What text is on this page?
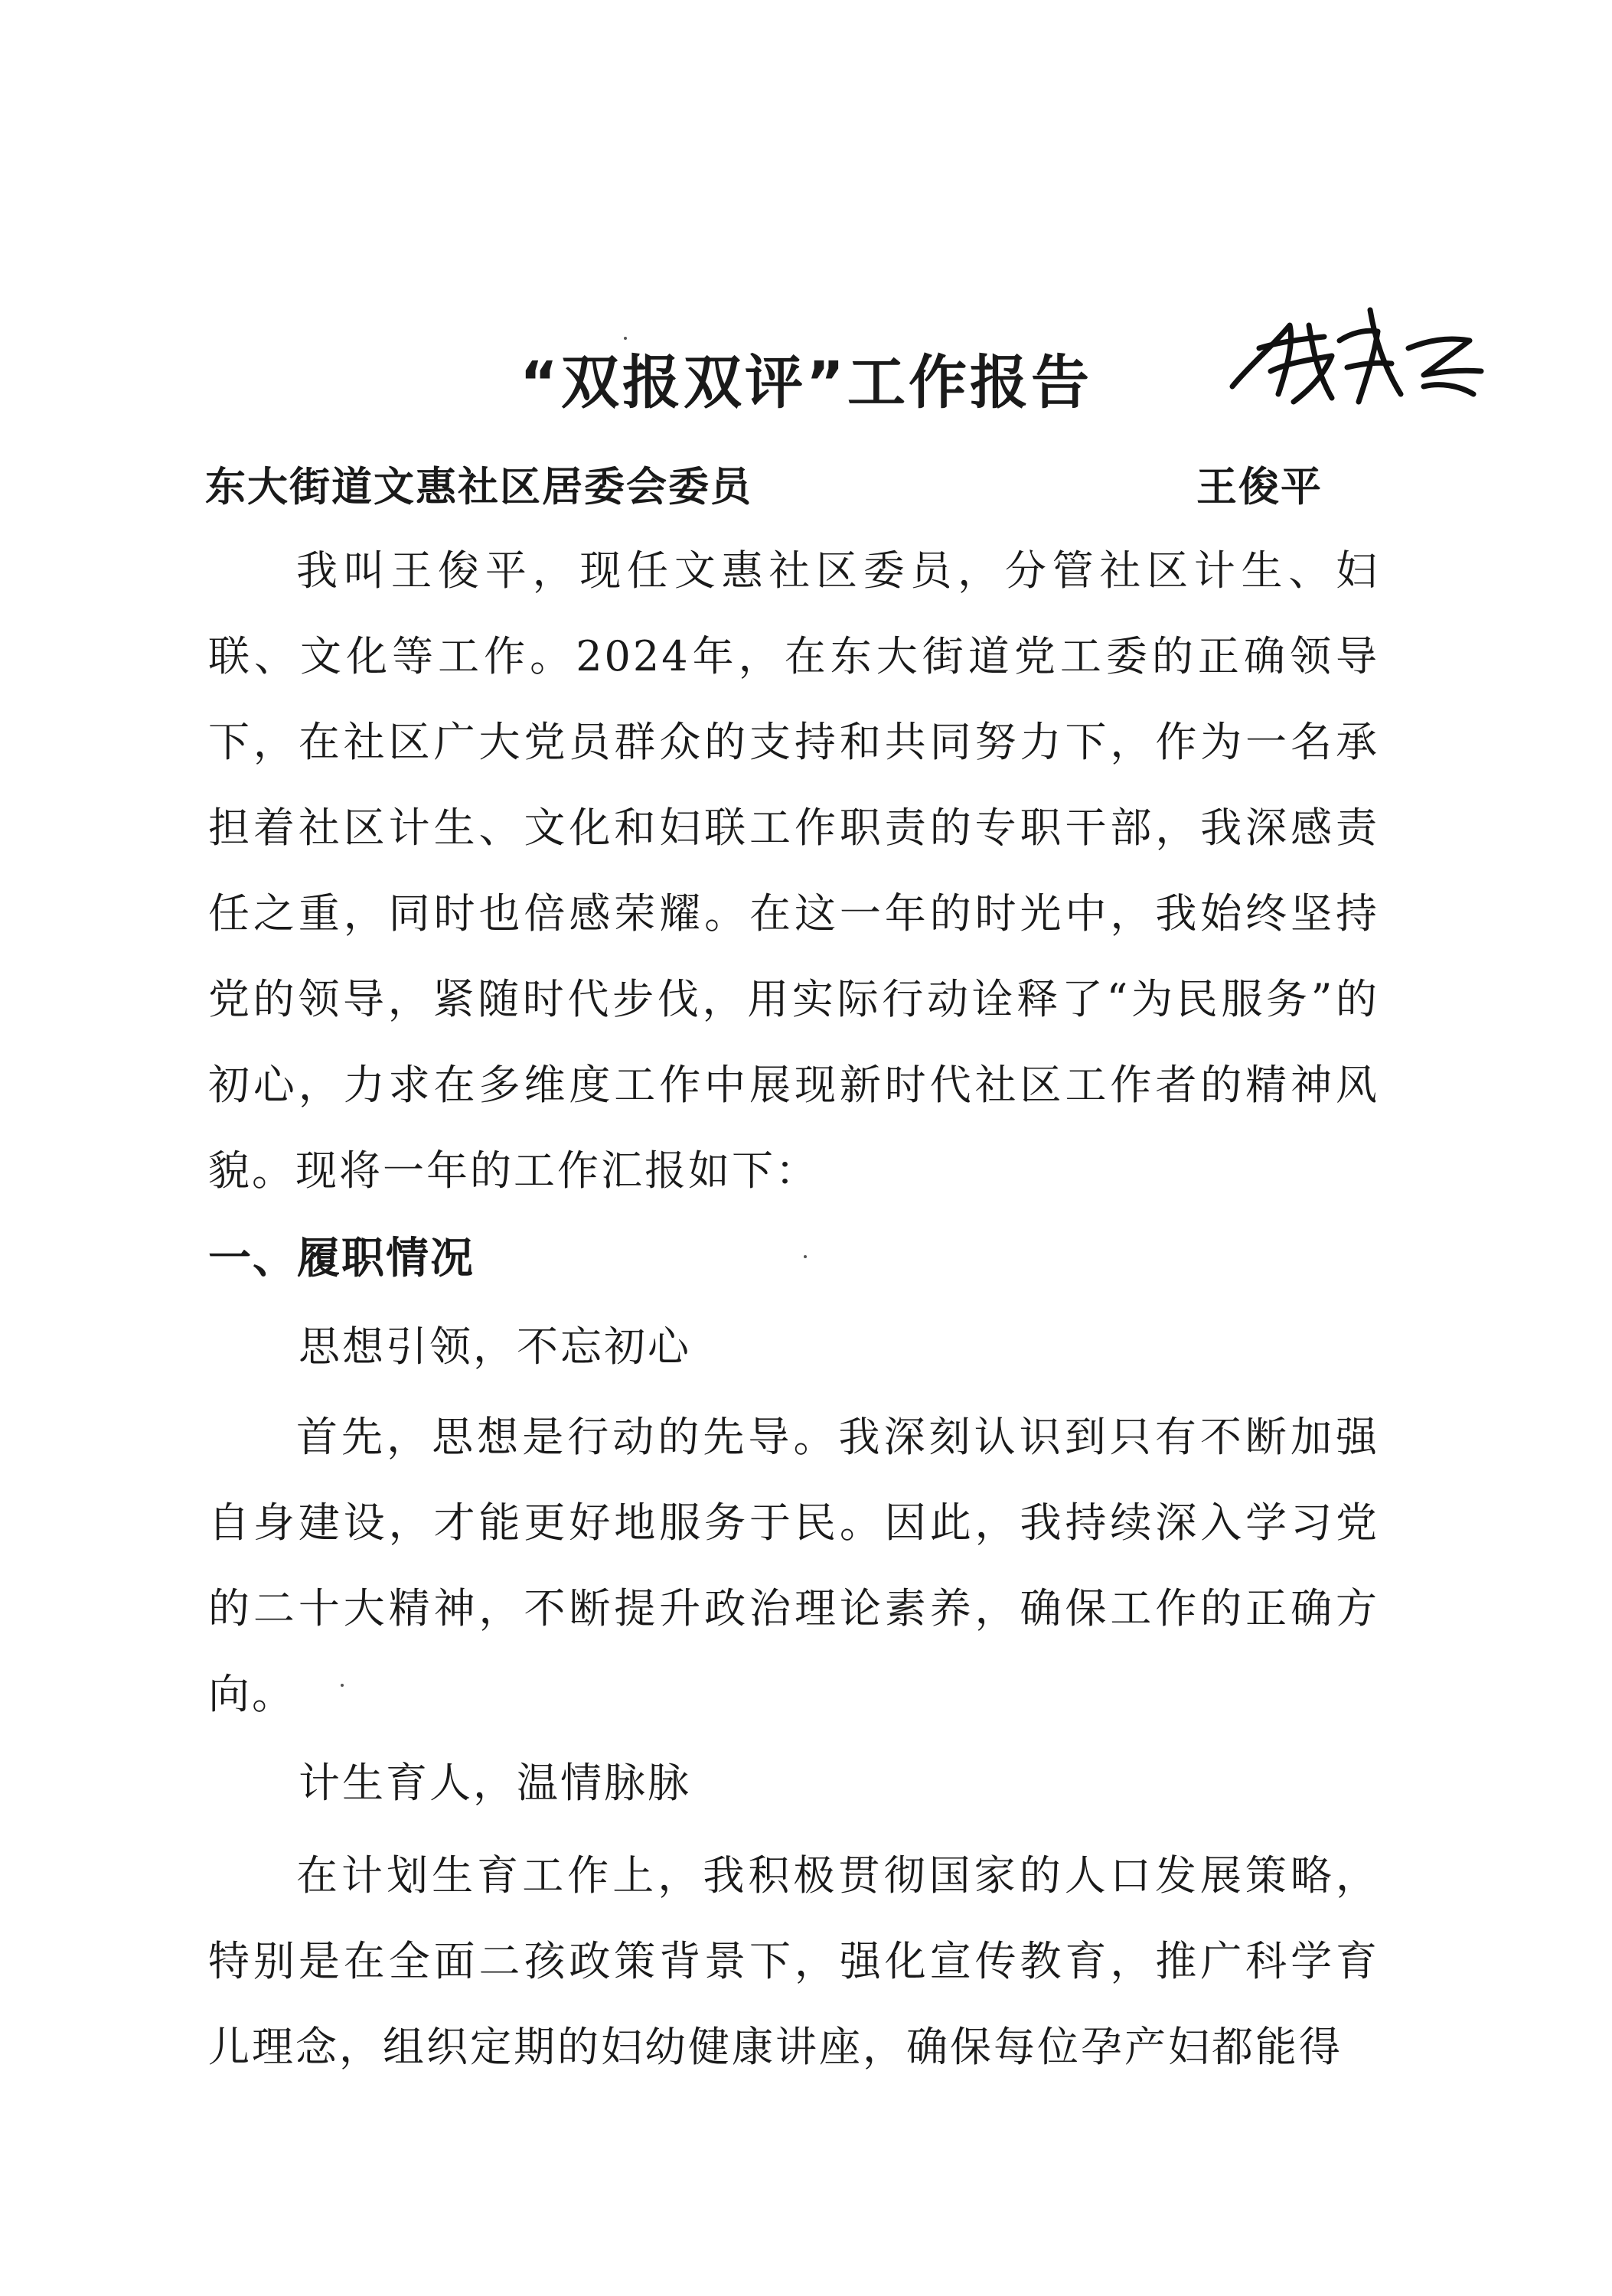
“双报双评”工作报告
东大街道文惠社区居委会委员	王俊平

我叫王俊平，现任文惠社区委员，分管社区计生、妇联、文化等工作。2024年，在东大街道党工委的正确领导下，在社区广大党员群众的支持和共同努力下，作为一名承担着社区计生、文化和妇联工作职责的专职干部，我深感责任之重，同时也倍感荣耀。在这一年的时光中，我始终坚持党的领导，紧随时代步伐，用实际行动诠释了“为民服务”的初心，力求在多维度工作中展现新时代社区工作者的精神风貌。现将一年的工作汇报如下：

一、履职情况
思想引领，不忘初心

首先，思想是行动的先导。我深刻认识到只有不断加强自身建设，才能更好地服务于民。因此，我持续深入学习党的二十大精神，不断提升政治理论素养，确保工作的正确方向。

计生育人，温情脉脉

在计划生育工作上，我积极贯彻国家的人口发展策略，特别是在全面二孩政策背景下，强化宣传教育，推广科学育儿理念，组织定期的妇幼健康讲座，确保每位孕产妇都能得
